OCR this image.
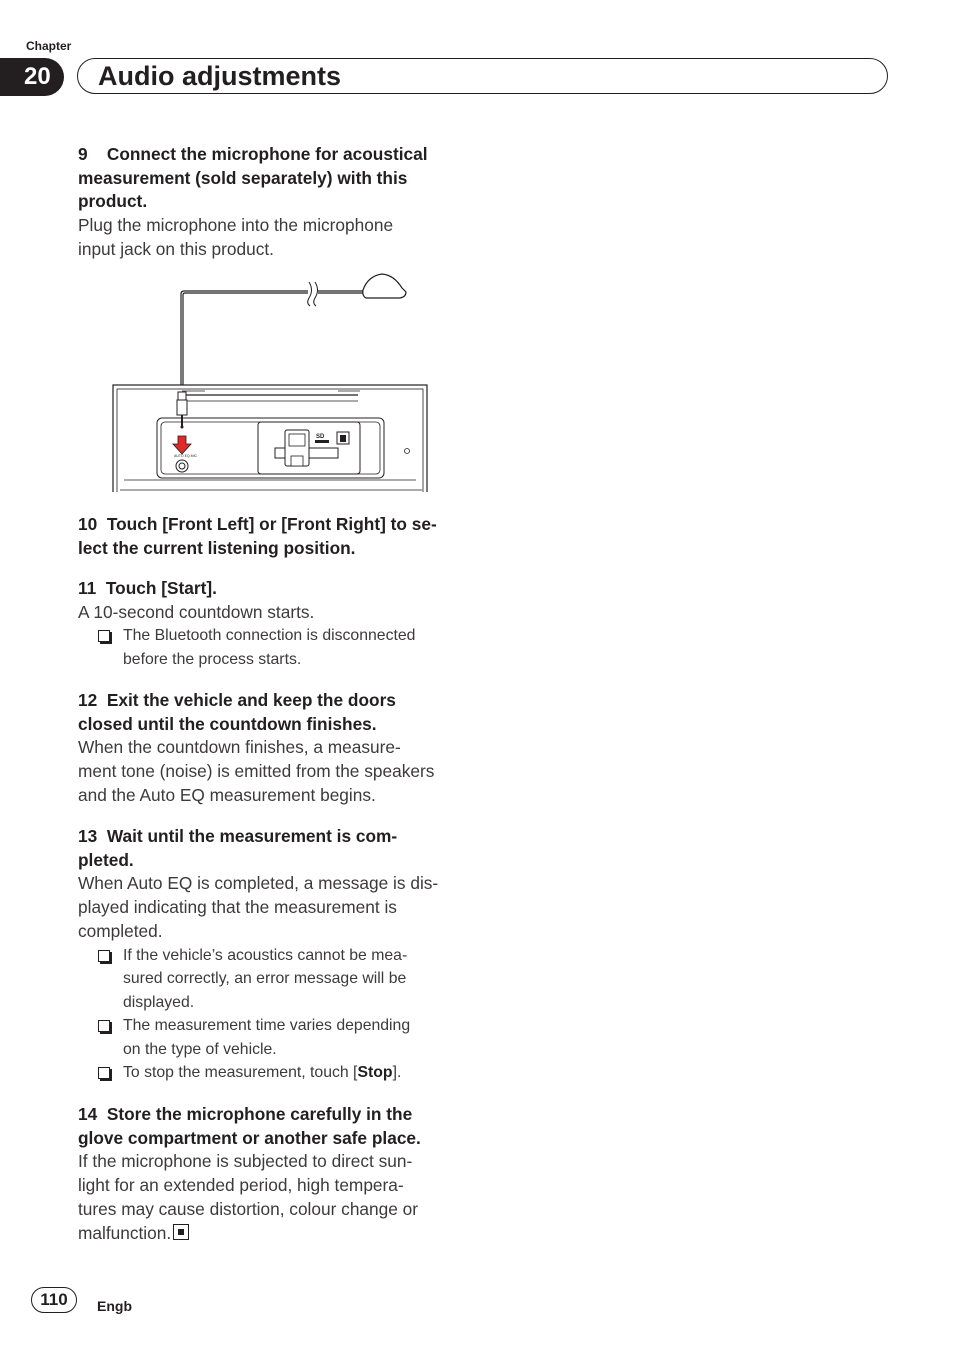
Chapter
20	Audio adjustments
9 Connect the microphone for acoustical
measurement (sold separately) with this
product.
Plug the microphone into the microphone
input jack on this product.
AUTO EQ MIC
SD
10 Touch [Front Left] or [Front Right] to se-
lect the current listening position.
11 Touch [Start].
A 10-second countdown starts.
The Bluetooth connection is disconnected
before the process starts.
12 Exit the vehicle and keep the doors
closed until the countdown finishes.
When the countdown finishes, a measure-
ment tone (noise) is emitted from the speakers
and the Auto EQ measurement begins.
13 Wait until the measurement is com-
pleted.
When Auto EQ is completed, a message is dis-
played indicating that the measurement is
completed.
If the vehicle’s acoustics cannot be mea-
sured correctly, an error message will be
displayed.
The measurement time varies depending
on the type of vehicle.
To stop the measurement, touch [Stop].
14 Store the microphone carefully in the
glove compartment or another safe place.
If the microphone is subjected to direct sun-
light for an extended period, high tempera-
tures may cause distortion, colour change or
malfunction.
110	Engb
